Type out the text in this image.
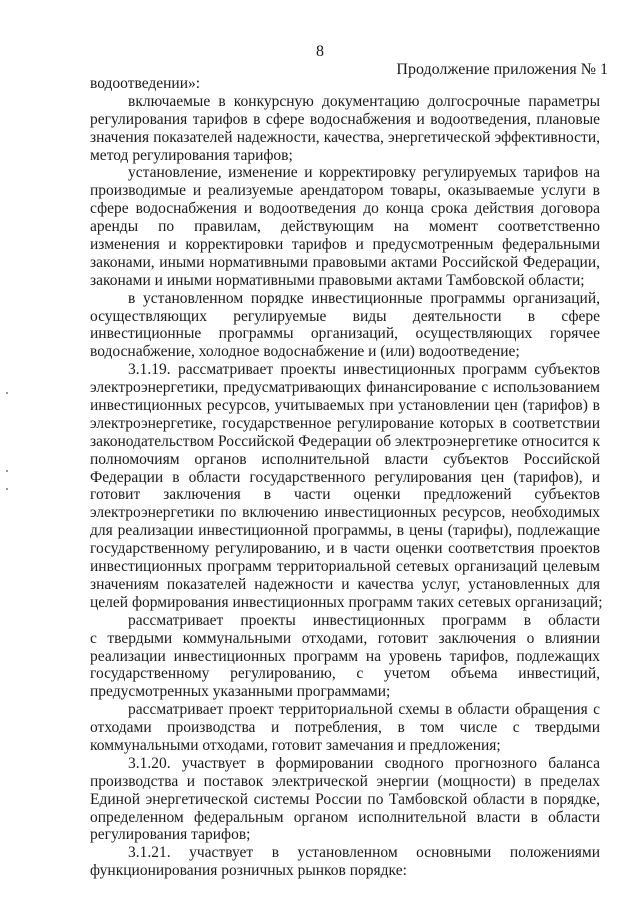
8
Продолжение приложения № 1
водоотведении»:
включаемые в конкурсную документацию долгосрочные параметры
регулирования тарифов в сфере водоснабжения и водоотведения, плановые
значения показателей надежности, качества, энергетической эффективности,
метод регулирования тарифов;
установление, изменение и корректировку регулируемых тарифов на
производимые и реализуемые арендатором товары, оказываемые услуги в
сфере водоснабжения и водоотведения до конца срока действия договора
аренды по правилам, действующим на момент соответственно
изменения и корректировки тарифов и предусмотренным федеральными
законами, иными нормативными правовыми актами Российской Федерации,
законами и иными нормативными правовыми актами Тамбовской области;
в установленном порядке инвестиционные программы организаций,
осуществляющих регулируемые виды деятельности в сфере
инвестиционные программы организаций, осуществляющих горячее
водоснабжение, холодное водоснабжение и (или) водоотведение;
3.1.19. рассматривает проекты инвестиционных программ субъектов
электроэнергетики, предусматривающих финансирование с использованием
инвестиционных ресурсов, учитываемых при установлении цен (тарифов) в
электроэнергетике, государственное регулирование которых в соответствии
законодательством Российской Федерации об электроэнергетике относится к
полномочиям органов исполнительной власти субъектов Российской
Федерации в области государственного регулирования цен (тарифов), и
готовит заключения в части оценки предложений субъектов
электроэнергетики по включению инвестиционных ресурсов, необходимых
для реализации инвестиционной программы, в цены (тарифы), подлежащие
государственному регулированию, и в части оценки соответствия проектов
инвестиционных программ территориальной сетевых организаций целевым
значениям показателей надежности и качества услуг, установленных для
целей формирования инвестиционных программ таких сетевых организаций;
рассматривает проекты инвестиционных программ в области
с твердыми коммунальными отходами, готовит заключения о влиянии
реализации инвестиционных программ на уровень тарифов, подлежащих
государственному регулированию, с учетом объема инвестиций,
предусмотренных указанными программами;
рассматривает проект территориальной схемы в области обращения с
отходами производства и потребления, в том числе с твердыми
коммунальными отходами, готовит замечания и предложения;
3.1.20. участвует в формировании сводного прогнозного баланса
производства и поставок электрической энергии (мощности) в пределах
Единой энергетической системы России по Тамбовской области в порядке,
определенном федеральным органом исполнительной власти в области
регулирования тарифов;
3.1.21. участвует в установленном основными положениями
функционирования розничных рынков порядке:
